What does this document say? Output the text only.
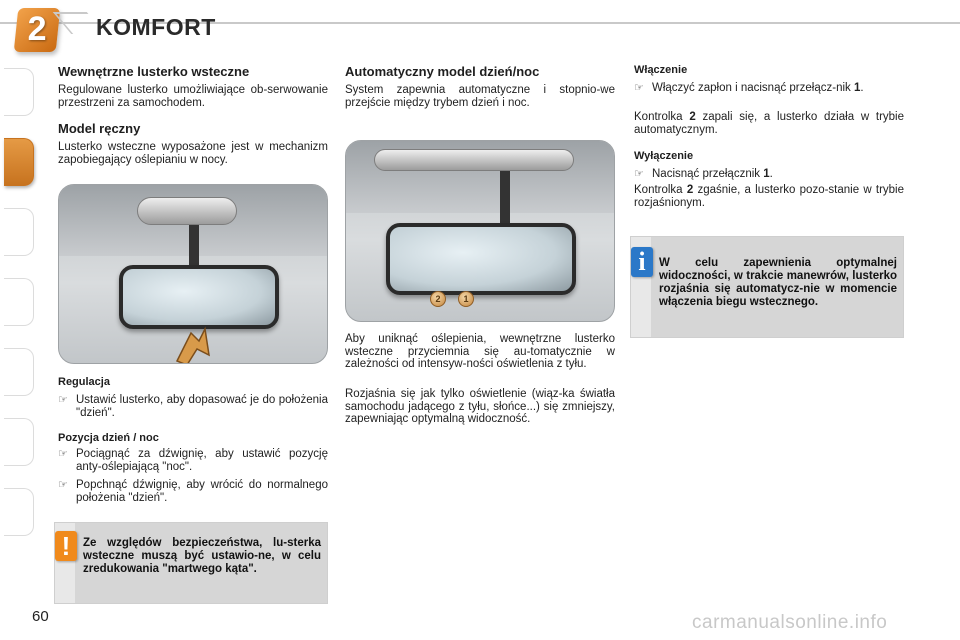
2	KOMFORT
Wewnętrzne lusterko wsteczne
Regulowane lusterko umożliwiające ob-serwowanie przestrzeni za samochodem.
Model ręczny
Lusterko wsteczne wyposażone jest w mechanizm zapobiegający oślepianiu w nocy.
Regulacja
☞ Ustawić lusterko, aby dopasować je do położenia "dzień".
Pozycja dzień / noc
☞ Pociągnąć za dźwignię, aby ustawić pozycję anty-oślepiającą "noc".
☞ Popchnąć dźwignię, aby wrócić do normalnego położenia "dzień".
!	Ze względów bezpieczeństwa, lu-sterka wsteczne muszą być ustawio-ne, w celu zredukowania "martwego kąta".
Automatyczny model dzień/noc
System zapewnia automatyczne i stopnio-we przejście między trybem dzień i noc.
2	1
Aby uniknąć oślepienia, wewnętrzne lusterko wsteczne przyciemnia się au-tomatycznie w zależności od intensyw-ności oświetlenia z tyłu.
Rozjaśnia się jak tylko oświetlenie (wiąz-ka światła samochodu jadącego z tyłu, słońce...) się zmniejszy, zapewniając optymalną widoczność.
Włączenie
☞ Włączyć zapłon i nacisnąć przełącz-nik 1.
Kontrolka 2 zapali się, a lusterko działa w trybie automatycznym.
Wyłączenie
☞ Nacisnąć przełącznik 1.
Kontrolka 2 zgaśnie, a lusterko pozo-stanie w trybie rozjaśnionym.
i	W celu zapewnienia optymalnej widoczności, w trakcie manewrów, lusterko rozjaśnia się automatycz-nie w momencie włączenia biegu wstecznego.
60	carmanualsonline.info
